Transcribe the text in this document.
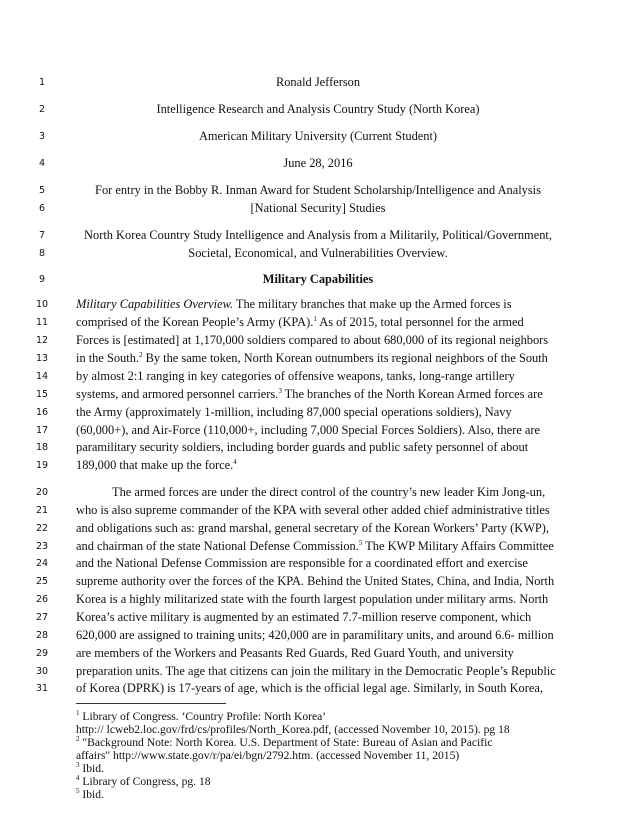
1
2
3
4
5
6
7
8
9
10
11
12
13
14
15
16
17
18
19
20
21
22
23
24
25
26
27
28
29
30
31
Ronald Jefferson
Intelligence Research and Analysis Country Study (North Korea)
American Military University (Current Student)
June 28, 2016
For entry in the Bobby R. Inman Award for Student Scholarship/Intelligence and Analysis
[National Security] Studies
North Korea Country Study Intelligence and Analysis from a Militarily, Political/Government,
Societal, Economical, and Vulnerabilities Overview.
Military Capabilities
Military Capabilities Overview. The military branches that make up the Armed forces is
comprised of the Korean People’s Army (KPA).$^1$ As of 2015, total personnel for the armed
Forces is [estimated] at 1,170,000 soldiers compared to about 680,000 of its regional neighbors
in the South.$^2$ By the same token, North Korean outnumbers its regional neighbors of the South
by almost 2:1 ranging in key categories of offensive weapons, tanks, long-range artillery
systems, and armored personnel carriers.$^3$ The branches of the North Korean Armed forces are
the Army (approximately 1-million, including 87,000 special operations soldiers), Navy
(60,000+), and Air-Force (110,000+, including 7,000 Special Forces Soldiers). Also, there are
paramilitary security soldiers, including border guards and public safety personnel of about
189,000 that make up the force.$^4$
The armed forces are under the direct control of the country’s new leader Kim Jong-un,
who is also supreme commander of the KPA with several other added chief administrative titles
and obligations such as: grand marshal, general secretary of the Korean Workers’ Party (KWP),
and chairman of the state National Defense Commission.$^5$ The KWP Military Affairs Committee
and the National Defense Commission are responsible for a coordinated effort and exercise
supreme authority over the forces of the KPA. Behind the United States, China, and India, North
Korea is a highly militarized state with the fourth largest population under military arms. North
Korea’s active military is augmented by an estimated 7.7-million reserve component, which
620,000 are assigned to training units; 420,000 are in paramilitary units, and around 6.6- million
are members of the Workers and Peasants Red Guards, Red Guard Youth, and university
preparation units. The age that citizens can join the military in the Democratic People’s Republic
of Korea (DPRK) is 17-years of age, which is the official legal age. Similarly, in South Korea,
$^1$ Library of Congress. ‘Country Profile: North Korea’
http:// lcweb2.loc.gov/frd/cs/profiles/North_Korea.pdf, (accessed November 10, 2015). pg 18
$^2$ "Background Note: North Korea. U.S. Department of State: Bureau of Asian and Pacific
affairs" http://www.state.gov/r/pa/ei/bgn/2792.htm. (accessed November 11, 2015)
$^3$ Ibid.
$^4$ Library of Congress, pg. 18
$^5$ Ibid.
